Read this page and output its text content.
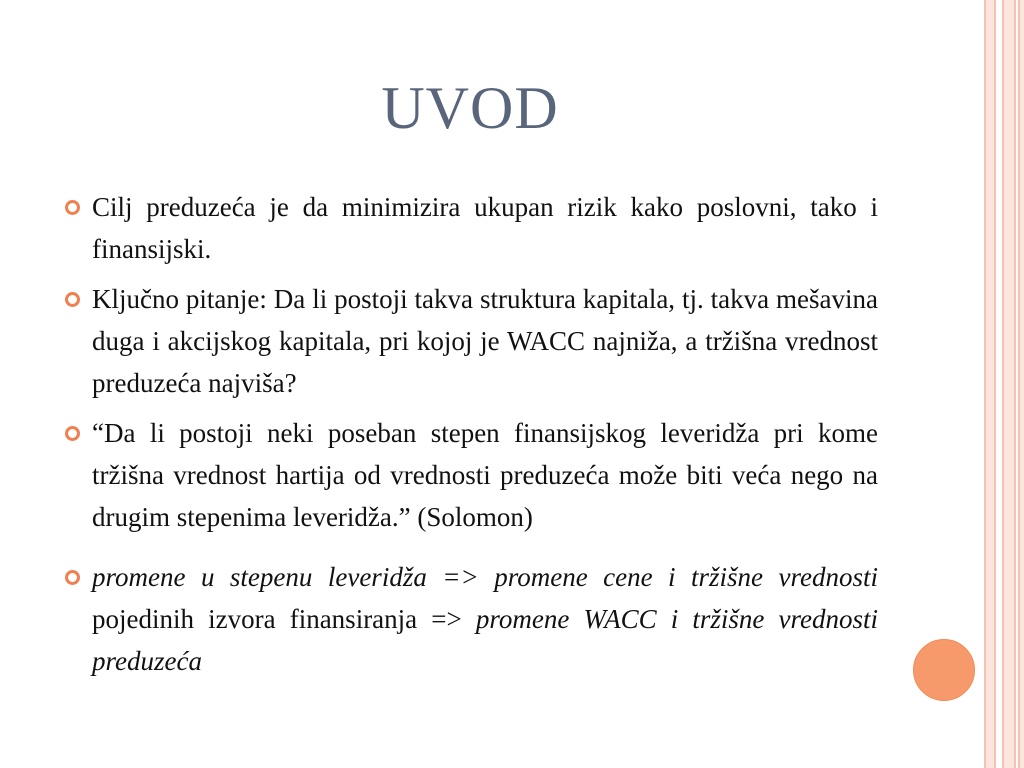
UVOD
Cilj preduzeća je da minimizira ukupan rizik kako poslovni, tako i finansijski.
Ključno pitanje: Da li postoji takva struktura kapitala, tj. takva mešavina duga i akcijskog kapitala, pri kojoj je WACC najniža, a tržišna vrednost preduzeća najviša?
“Da li postoji neki poseban stepen finansijskog leveridža pri kome tržišna vrednost hartija od vrednosti preduzeća može biti veća nego na drugim stepenima leveridža.” (Solomon)
promene u stepenu leveridža => promene cene i tržišne vrednosti pojedinih izvora finansiranja => promene WACC i tržišne vrednosti preduzeća
